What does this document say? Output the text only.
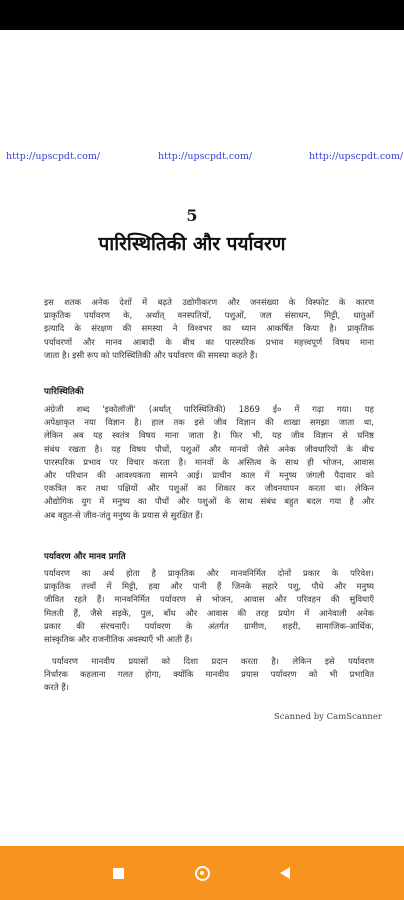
http://upscpdt.com/	http://upscpdt.com/	http://upscpdt.com/
5
पारिस्थितिकी और पर्यावरण
इस शतक अनेक देशों में बढ़ते उद्योगीकरण और जनसंख्या के विस्फोट के कारण
प्राकृतिक पर्यावरण के, अर्थात् वनस्पतियों, पशुओं, जल संसाधन, मिट्टी, धातुओं
इत्यादि के संरक्षण की समस्या ने विश्वभर का ध्यान आकर्षित किया है। प्राकृतिक
पर्यावरणों और मानव आबादी के बीच का पारस्परिक प्रभाव महत्त्वपूर्ण विषय माना
जाता है। इसी रूप को पारिस्थितिकी और पर्यावरण की समस्या कहते हैं।
पारिस्थितिकी
अंग्रेजी शब्द 'इकोलॉजी' (अर्थात् पारिस्थितिकी) 1869 ई० में गढ़ा गया। यह
अपेक्षाकृत नया विज्ञान है। हाल तक इसे जीव विज्ञान की शाखा समझा जाता था,
लेकिन अब यह स्वतंत्र विषय माना जाता है। फिर भी, यह जीव विज्ञान से घनिष्ठ
संबंध रखता है। यह विषय पौधों, पशुओं और मानवों जैसे अनेक जीवधारियों के बीच
पारस्परिक प्रभाव पर विचार करता है। मानवों के अस्तित्व के साथ ही भोजन, आवास
और परिधान की आवश्यकता सामने आई। प्राचीन काल में मनुष्य जंगली पैदावार को
एकत्रित कर तथा पक्षियों और पशुओं का शिकार कर जीवनयापन करता था। लेकिन
औद्योगिक युग में मनुष्य का पौधों और पशुओं के साथ संबंध बहुत बदल गया है और
अब बहुत-से जीव-जंतु मनुष्य के प्रयास से सुरक्षित हैं।
पर्यावरण और मानव प्रगति
पर्यावरण का अर्थ होता है प्राकृतिक और मानवनिर्मित दोनों प्रकार के परिवेश।
प्राकृतिक तत्त्वों में मिट्टी, हवा और पानी हैं जिनके सहारे पशु, पौधे और मनुष्य
जीवित रहते हैं। मानवनिर्मित पर्यावरण से भोजन, आवास और परिवहन की सुविधाएँ
मिलती हैं, जैसे सड़कें, पुल, बाँध और आवास की तरह प्रयोग में आनेवाली अनेक
प्रकार की संरचनाएँ। पर्यावरण के अंतर्गत ग्रामीण, शहरी, सामाजिक-आर्थिक,
सांस्कृतिक और राजनीतिक अवस्थाएँ भी आती हैं।
पर्यावरण मानवीय प्रयासों को दिशा प्रदान करता है। लेकिन इसे पर्यावरण
निर्धारक कहलाना गलत होगा, क्योंकि मानवीय प्रयास पर्यावरण को भी प्रभावित
करते हैं।
Scanned by CamScanner
